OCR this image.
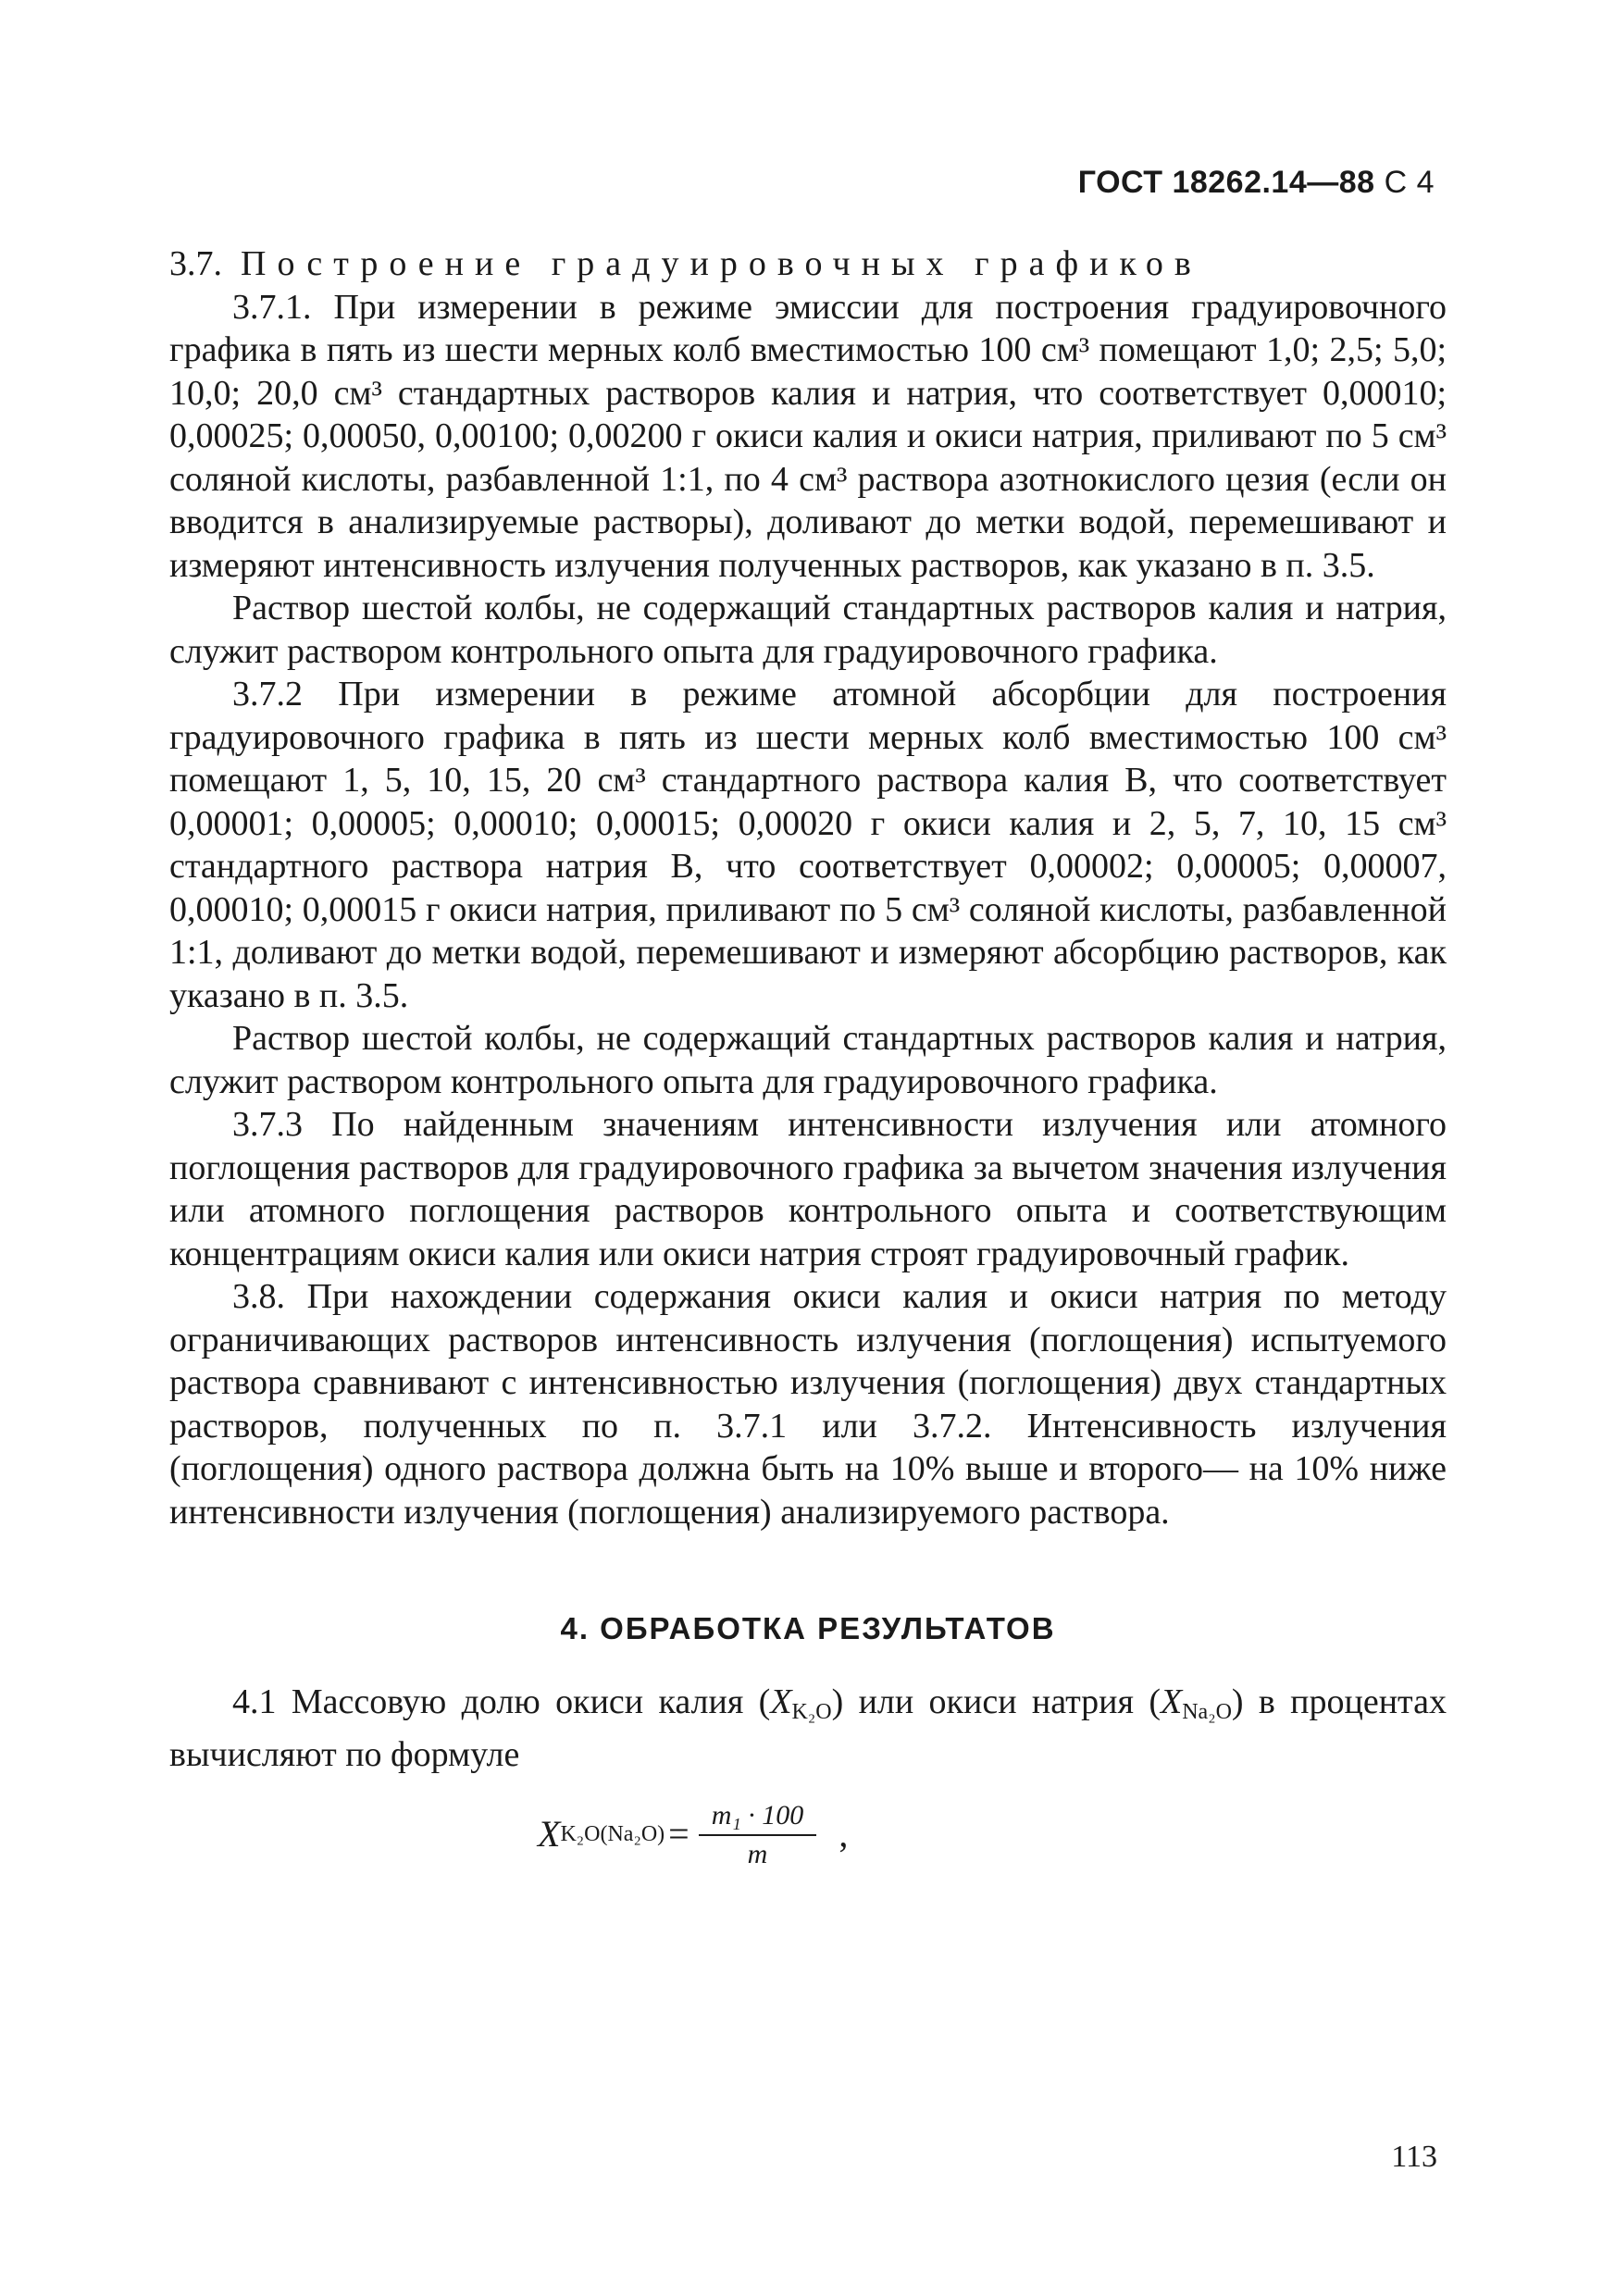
ГОСТ 18262.14—88 С 4
3.7. Построение градуировочных графиков

3.7.1. При измерении в режиме эмиссии для построения градуировочного графика в пять из шести мерных колб вместимостью 100 см³ помещают 1,0; 2,5; 5,0; 10,0; 20,0 см³ стандартных растворов калия и натрия, что соответствует 0,00010; 0,00025; 0,00050, 0,00100; 0,00200 г окиси калия и окиси натрия, приливают по 5 см³ соляной кислоты, разбавленной 1:1, по 4 см³ раствора азотнокислого цезия (если он вводится в анализируемые растворы), доливают до метки водой, перемешивают и измеряют интенсивность излучения полученных растворов, как указано в п. 3.5.

Раствор шестой колбы, не содержащий стандартных растворов калия и натрия, служит раствором контрольного опыта для градуировочного графика.

3.7.2 При измерении в режиме атомной абсорбции для построения градуировочного графика в пять из шести мерных колб вместимостью 100 см³ помещают 1, 5, 10, 15, 20 см³ стандартного раствора калия В, что соответствует 0,00001; 0,00005; 0,00010; 0,00015; 0,00020 г окиси калия и 2, 5, 7, 10, 15 см³ стандартного раствора натрия В, что соответствует 0,00002; 0,00005; 0,00007, 0,00010; 0,00015 г окиси натрия, приливают по 5 см³ соляной кислоты, разбавленной 1:1, доливают до метки водой, перемешивают и измеряют абсорбцию растворов, как указано в п. 3.5.

Раствор шестой колбы, не содержащий стандартных растворов калия и натрия, служит раствором контрольного опыта для градуировочного графика.

3.7.3 По найденным значениям интенсивности излучения или атомного поглощения растворов для градуировочного графика за вычетом значения излучения или атомного поглощения растворов контрольного опыта и соответствующим концентрациям окиси калия или окиси натрия строят градуировочный график.

3.8. При нахождении содержания окиси калия и окиси натрия по методу ограничивающих растворов интенсивность излучения (поглощения) испытуемого раствора сравнивают с интенсивностью излучения (поглощения) двух стандартных растворов, полученных по п. 3.7.1 или 3.7.2. Интенсивность излучения (поглощения) одного раствора должна быть на 10% выше и второго— на 10% ниже интенсивности излучения (поглощения) анализируемого раствора.

4. ОБРАБОТКА РЕЗУЛЬТАТОВ

4.1 Массовую долю окиси калия $(X_{K_2O})$ или окиси натрия $(X_{Na_2O})$ в процентах вычисляют по формуле

X $K_2O(Na_2O) = \frac{\text{m₁ · 100}}{m}$ ,
113
